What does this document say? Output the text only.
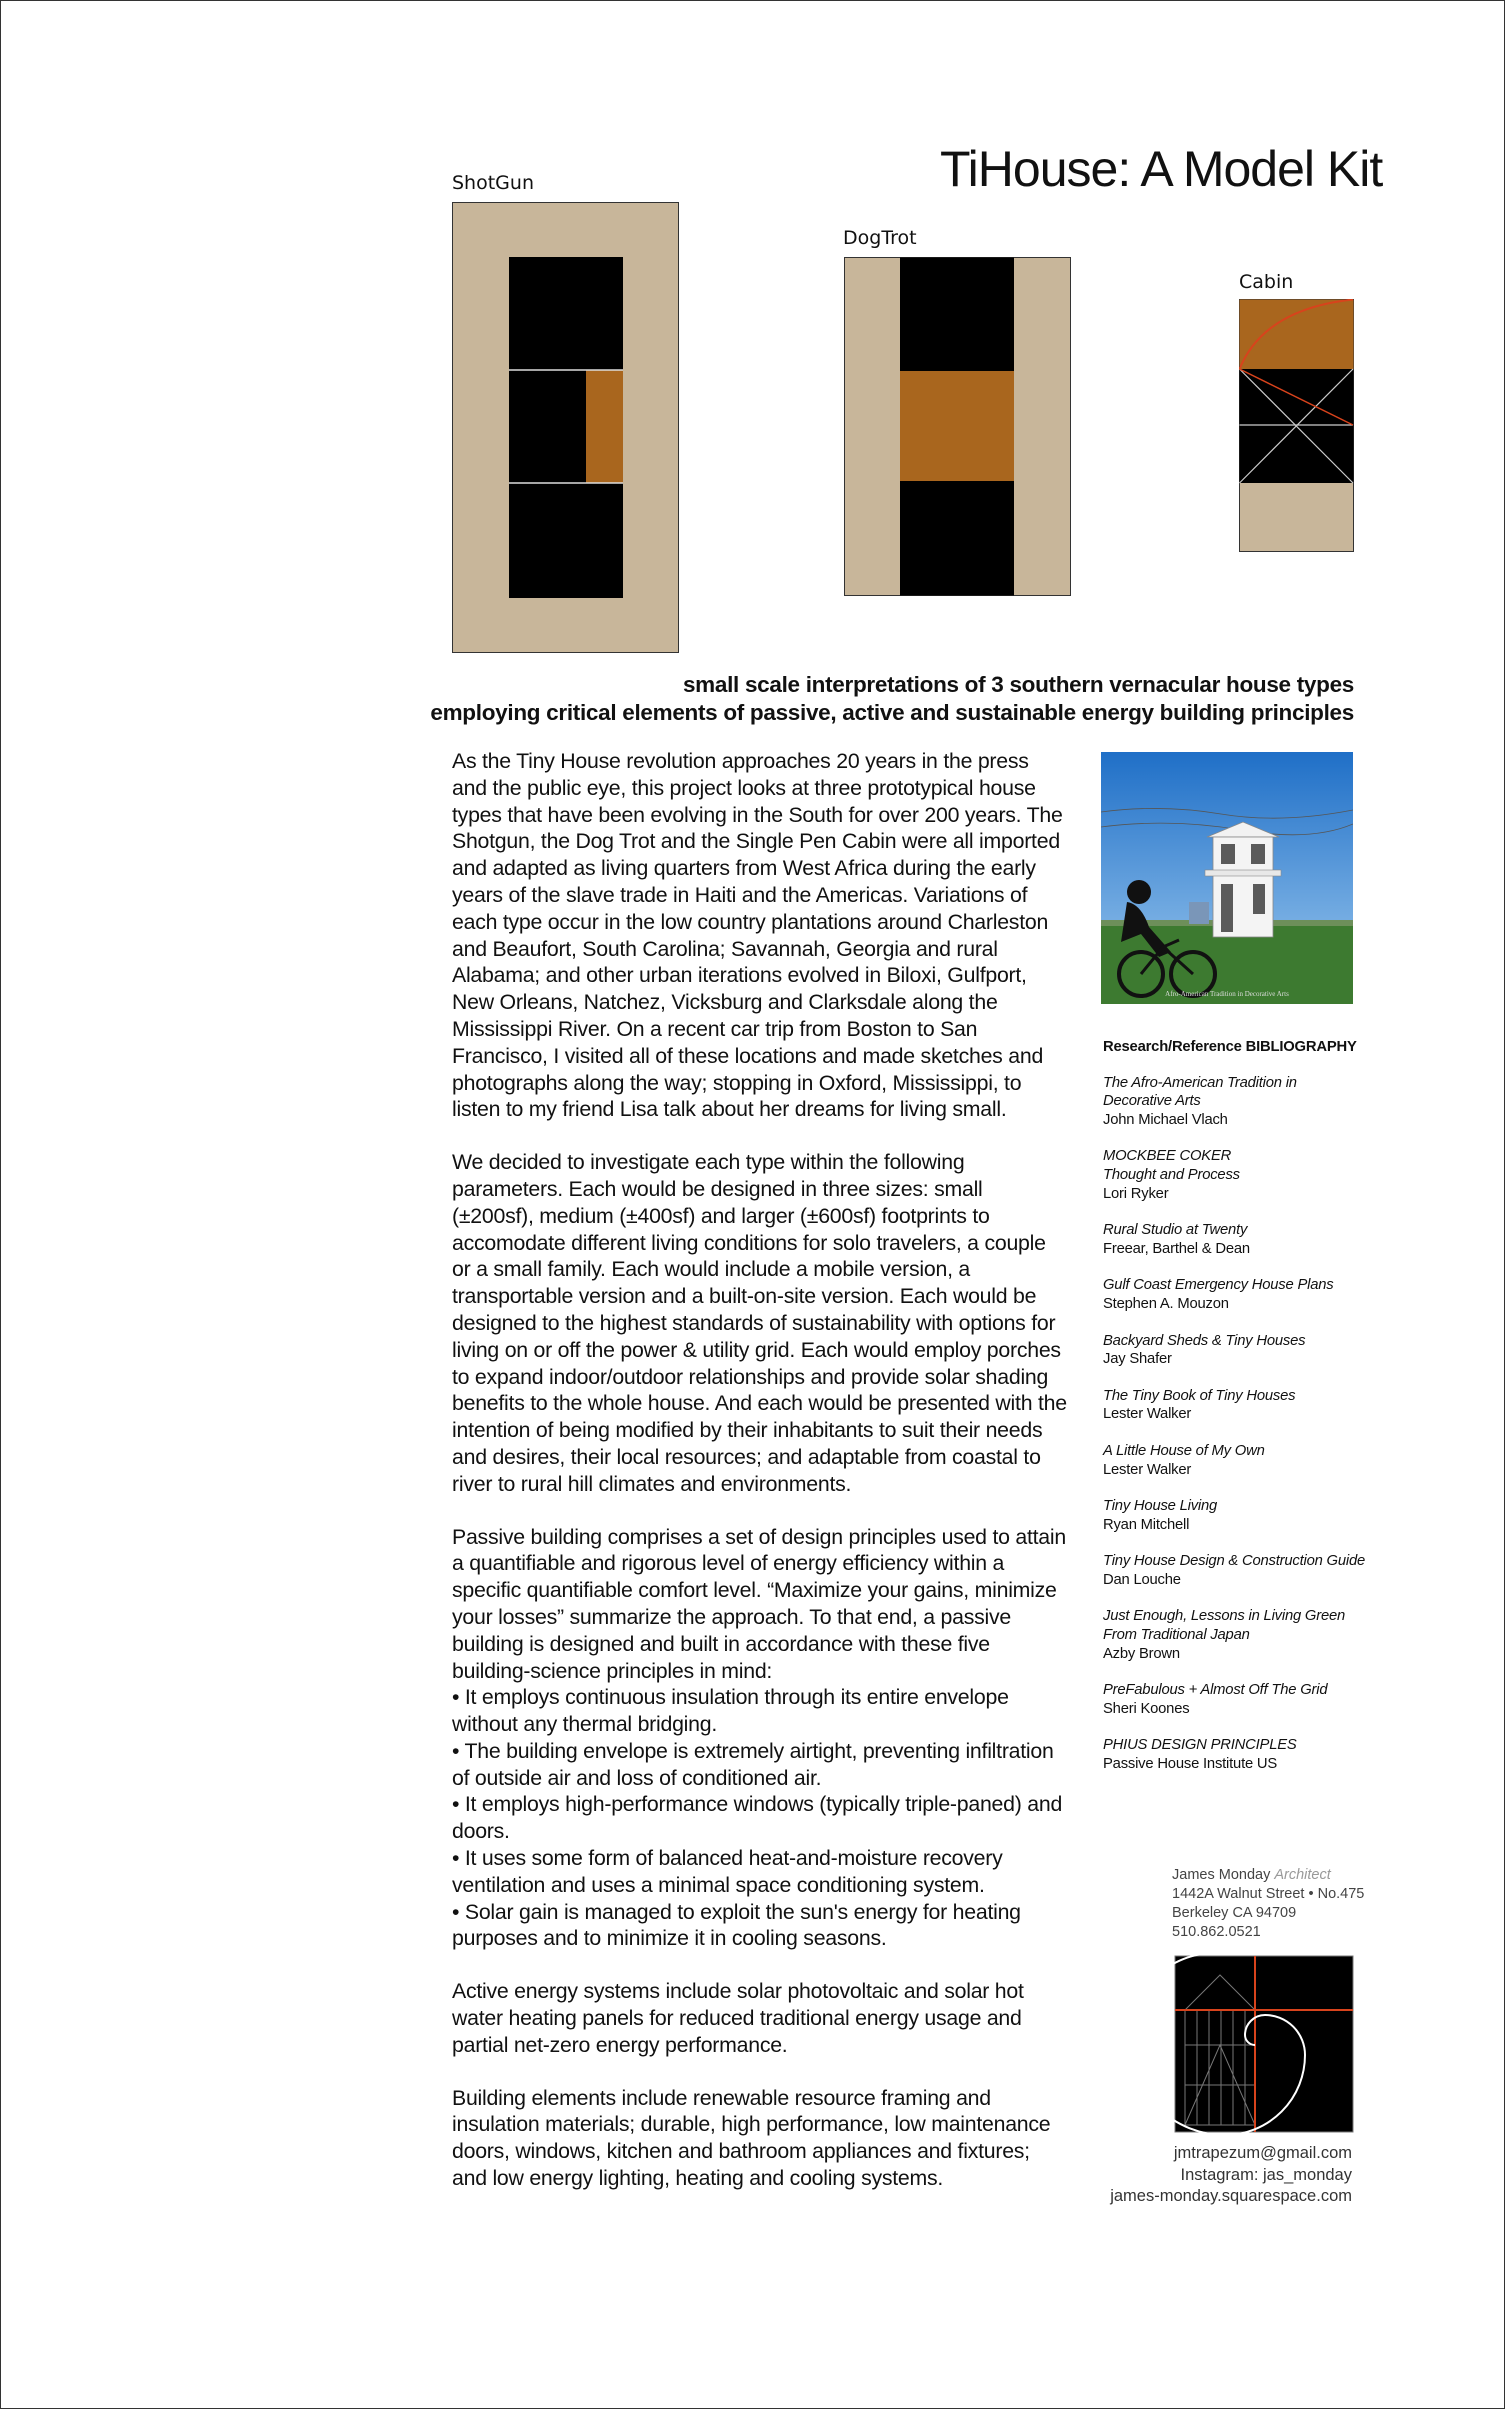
TiHouse: A Model Kit
ShotGun
DogTrot
Cabin
small scale interpretations of 3 southern vernacular house types
employing critical elements of passive, active and sustainable energy building principles

As the Tiny House revolution approaches 20 years in the press and the public eye, this project looks at three prototypical house types that have been evolving in the South for over 200 years. The Shotgun, the Dog Trot and the Single Pen Cabin were all imported and adapted as living quarters from West Africa during the early years of the slave trade in Haiti and the Americas. Variations of each type occur in the low country plantations around Charleston and Beaufort, South Carolina; Savannah, Georgia and rural Alabama; and other urban iterations evolved in Biloxi, Gulfport, New Orleans, Natchez, Vicksburg and Clarksdale along the Mississippi River. On a recent car trip from Boston to San Francisco, I visited all of these locations and made sketches and photographs along the way; stopping in Oxford, Mississippi, to listen to my friend Lisa talk about her dreams for living small.

We decided to investigate each type within the following parameters. Each would be designed in three sizes: small (±200sf), medium (±400sf) and larger (±600sf) footprints to accomodate different living conditions for solo travelers, a couple or a small family. Each would include a mobile version, a transportable version and a built-on-site version. Each would be designed to the highest standards of sustainability with options for living on or off the power & utility grid. Each would employ porches to expand indoor/outdoor relationships and provide solar shading benefits to the whole house. And each would be presented with the intention of being modified by their inhabitants to suit their needs and desires, their local resources; and adaptable from coastal to river to rural hill climates and environments.

Passive building comprises a set of design principles used to attain a quantifiable and rigorous level of energy efficiency within a specific quantifiable comfort level. “Maximize your gains, minimize your losses” summarize the approach. To that end, a passive building is designed and built in accordance with these five building-science principles in mind:
• It employs continuous insulation through its entire envelope without any thermal bridging.
• The building envelope is extremely airtight, preventing infiltration of outside air and loss of conditioned air.
• It employs high-performance windows (typically triple-paned) and doors.
• It uses some form of balanced heat-and-moisture recovery ventilation and uses a minimal space conditioning system.
• Solar gain is managed to exploit the sun's energy for heating purposes and to minimize it in cooling seasons.

Active energy systems include solar photovoltaic and solar hot water heating panels for reduced traditional energy usage and partial net-zero energy performance.

Building elements include renewable resource framing and insulation materials; durable, high performance, low maintenance doors, windows, kitchen and bathroom appliances and fixtures; and low energy lighting, heating and cooling systems.

Afro-American Tradition in Decorative Arts
Research/Reference BIBLIOGRAPHY
The Afro-American Tradition in Decorative Arts
John Michael Vlach
MOCKBEE COKER Thought and Process
Lori Ryker
Rural Studio at Twenty
Freear, Barthel & Dean
Gulf Coast Emergency House Plans
Stephen A. Mouzon
Backyard Sheds & Tiny Houses
Jay Shafer
The Tiny Book of Tiny Houses
Lester Walker
A Little House of My Own
Lester Walker
Tiny House Living
Ryan Mitchell
Tiny House Design & Construction Guide
Dan Louche
Just Enough, Lessons in Living Green From Traditional Japan
Azby Brown
PreFabulous + Almost Off The Grid
Sheri Koones
PHIUS DESIGN PRINCIPLES
Passive House Institute US
James Monday Architect
1442A Walnut Street • No.475
Berkeley CA 94709
510.862.0521
jmtrapezum@gmail.com
Instagram: jas_monday
james-monday.squarespace.com
